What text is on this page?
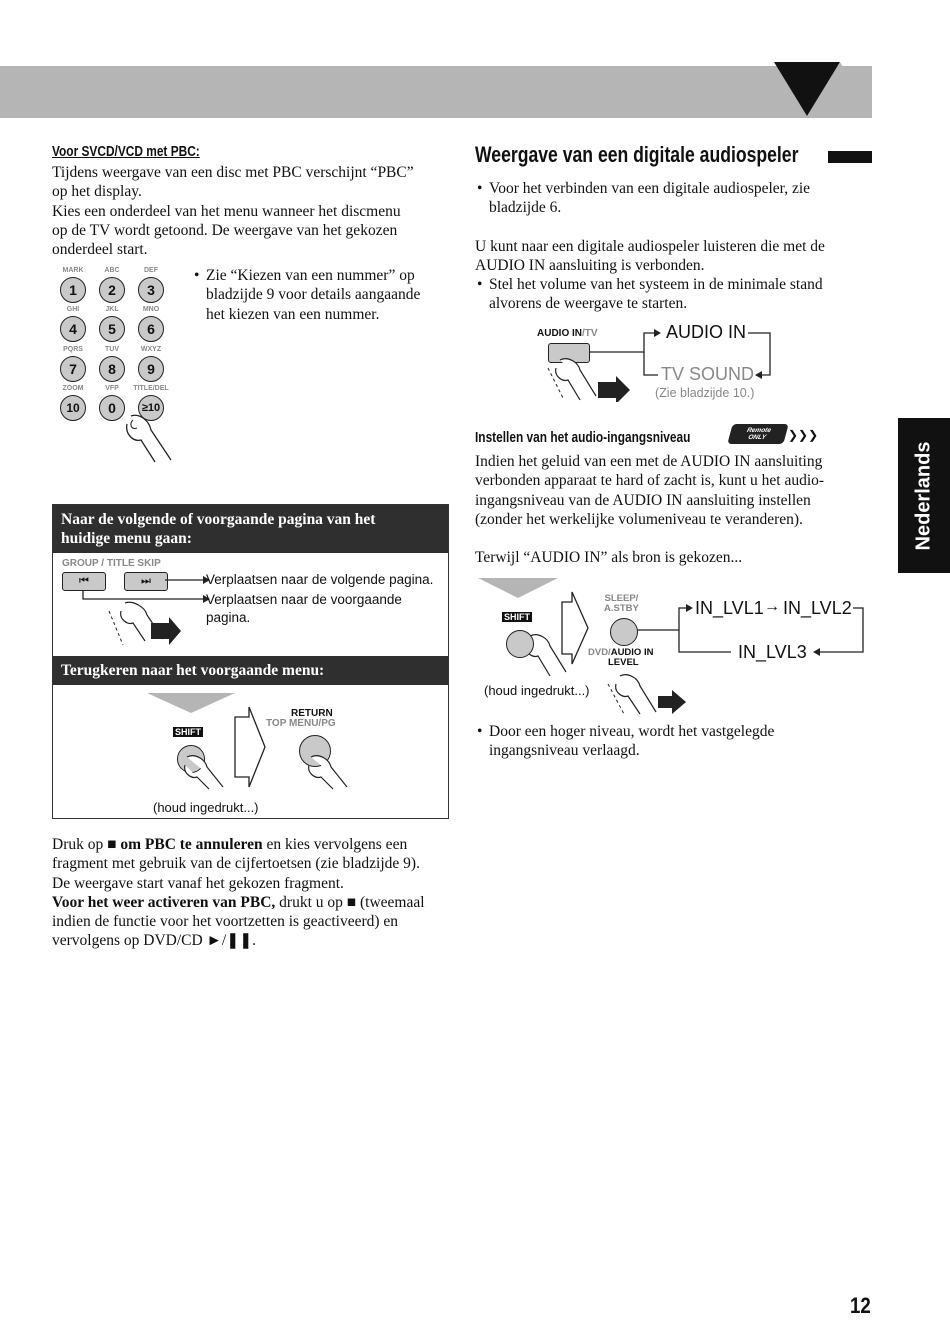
Voor SVCD/VCD met PBC:
Tijdens weergave van een disc met PBC verschijnt “PBC”
op het display.
Kies een onderdeel van het menu wanneer het discmenu
op de TV wordt getoond. De weergave van het gekozen
onderdeel start.
MARK	ABC	DEF
1	2	3
GHI	JKL	MNO
4	5	6
PQRS	TUV	WXYZ
7	8	9
ZOOM	VFP	TITLE/DEL
10	0	≥10
• Zie “Kiezen van een nummer” op
bladzijde 9 voor details aangaande
het kiezen van een nummer.
Naar de volgende of voorgaande pagina van het
huidige menu gaan:
GROUP / TITLE SKIP
⏮	⏭	Verplaatsen naar de volgende pagina.
Verplaatsen naar de voorgaande
pagina.
Terugkeren naar het voorgaande menu:
SHIFT
RETURN
TOP MENU/PG
(houd ingedrukt...)
Druk op ■ om PBC te annuleren en kies vervolgens een
fragment met gebruik van de cijfertoetsen (zie bladzijde 9).
De weergave start vanaf het gekozen fragment.
Voor het weer activeren van PBC, drukt u op ■ (tweemaal
indien de functie voor het voortzetten is geactiveerd) en
vervolgens op DVD/CD ►/❚❚.
Weergave van een digitale audiospeler
• Voor het verbinden van een digitale audiospeler, zie
bladzijde 6.
U kunt naar een digitale audiospeler luisteren die met de
AUDIO IN aansluiting is verbonden.
• Stel het volume van het systeem in de minimale stand
alvorens de weergave te starten.
AUDIO IN/TV	AUDIO IN
TV SOUND
(Zie bladzijde 10.)
Instellen van het audio-ingangsniveau	Remote
ONLY	❯❯❯
Indien het geluid van een met de AUDIO IN aansluiting
verbonden apparaat te hard of zacht is, kunt u het audio-
ingangsniveau van de AUDIO IN aansluiting instellen
(zonder het werkelijke volumeniveau te veranderen).
Terwijl “AUDIO IN” als bron is gekozen...
SHIFT
SLEEP/
A.STBY
DVD/AUDIO IN
LEVEL
IN_LVL1 → IN_LVL2
IN_LVL3
(houd ingedrukt...)
• Door een hoger niveau, wordt het vastgelegde
ingangsniveau verlaagd.
Nederlands
12
